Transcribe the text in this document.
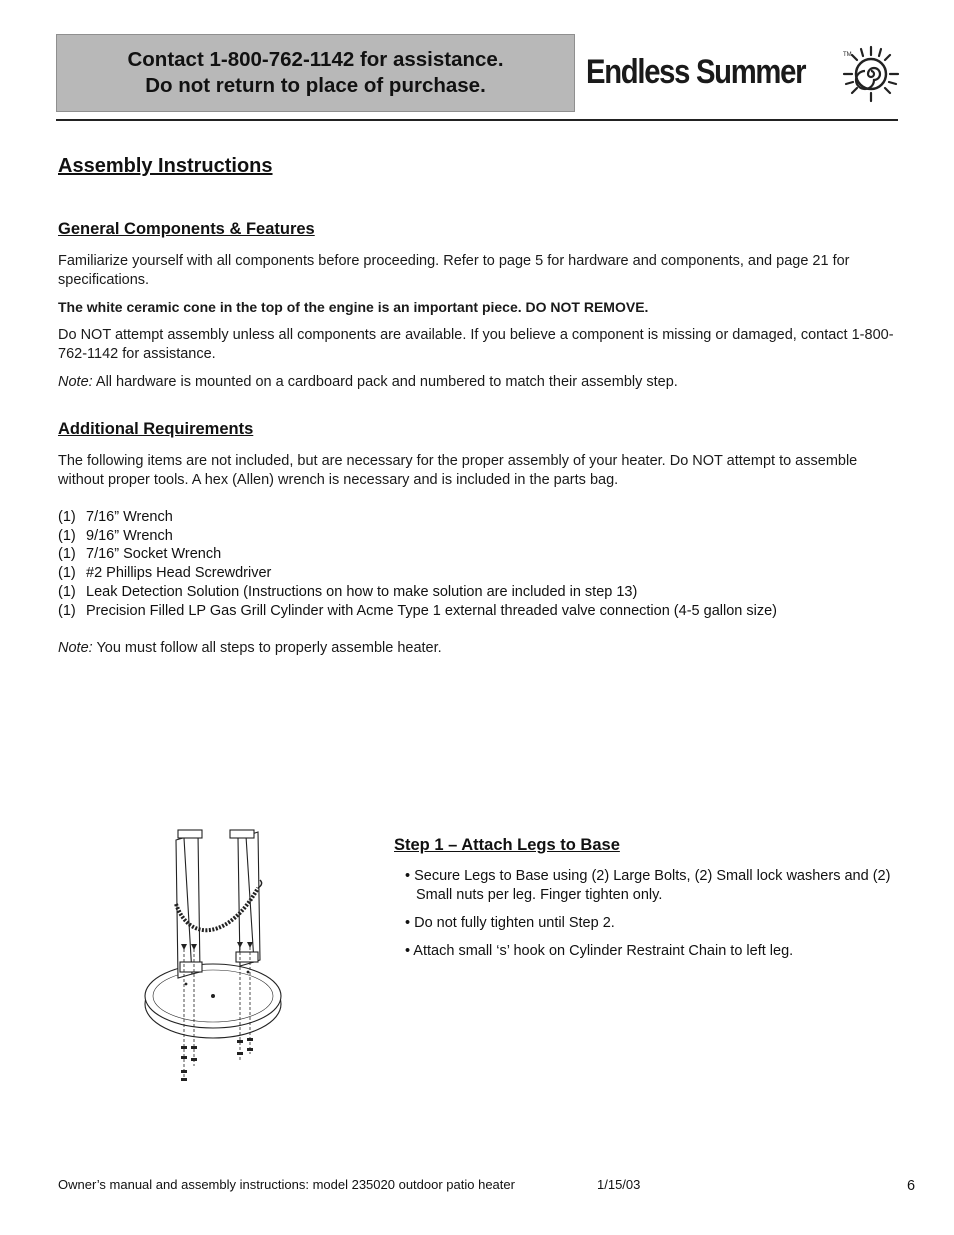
Contact 1-800-762-1142 for assistance.
Do not return to place of purchase.	Endless Summer	TM
Assembly Instructions
General Components & Features

Familiarize yourself with all components before proceeding. Refer to page 5 for hardware and components, and page 21 for specifications.

The white ceramic cone in the top of the engine is an important piece. DO NOT REMOVE.

Do NOT attempt assembly unless all components are available. If you believe a component is missing or damaged, contact 1-800-762-1142 for assistance.

Note: All hardware is mounted on a cardboard pack and numbered to match their assembly step.

Additional Requirements

The following items are not included, but are necessary for the proper assembly of your heater. Do NOT attempt to assemble without proper tools. A hex (Allen) wrench is necessary and is included in the parts bag.

(1) 7/16” Wrench
(1) 9/16” Wrench
(1) 7/16” Socket Wrench
(1) #2 Phillips Head Screwdriver
(1) Leak Detection Solution (Instructions on how to make solution are included in step 13)
(1) Precision Filled LP Gas Grill Cylinder with Acme Type 1 external threaded valve connection (4-5 gallon size)

Note: You must follow all steps to properly assemble heater.

Step 1 – Attach Legs to Base
• Secure Legs to Base using (2) Large Bolts, (2) Small lock washers and (2) Small nuts per leg. Finger tighten only.
• Do not fully tighten until Step 2.
• Attach small ‘s’ hook on Cylinder Restraint Chain to left leg.
Owner’s manual and assembly instructions: model 235020 outdoor patio heater	1/15/03	6
